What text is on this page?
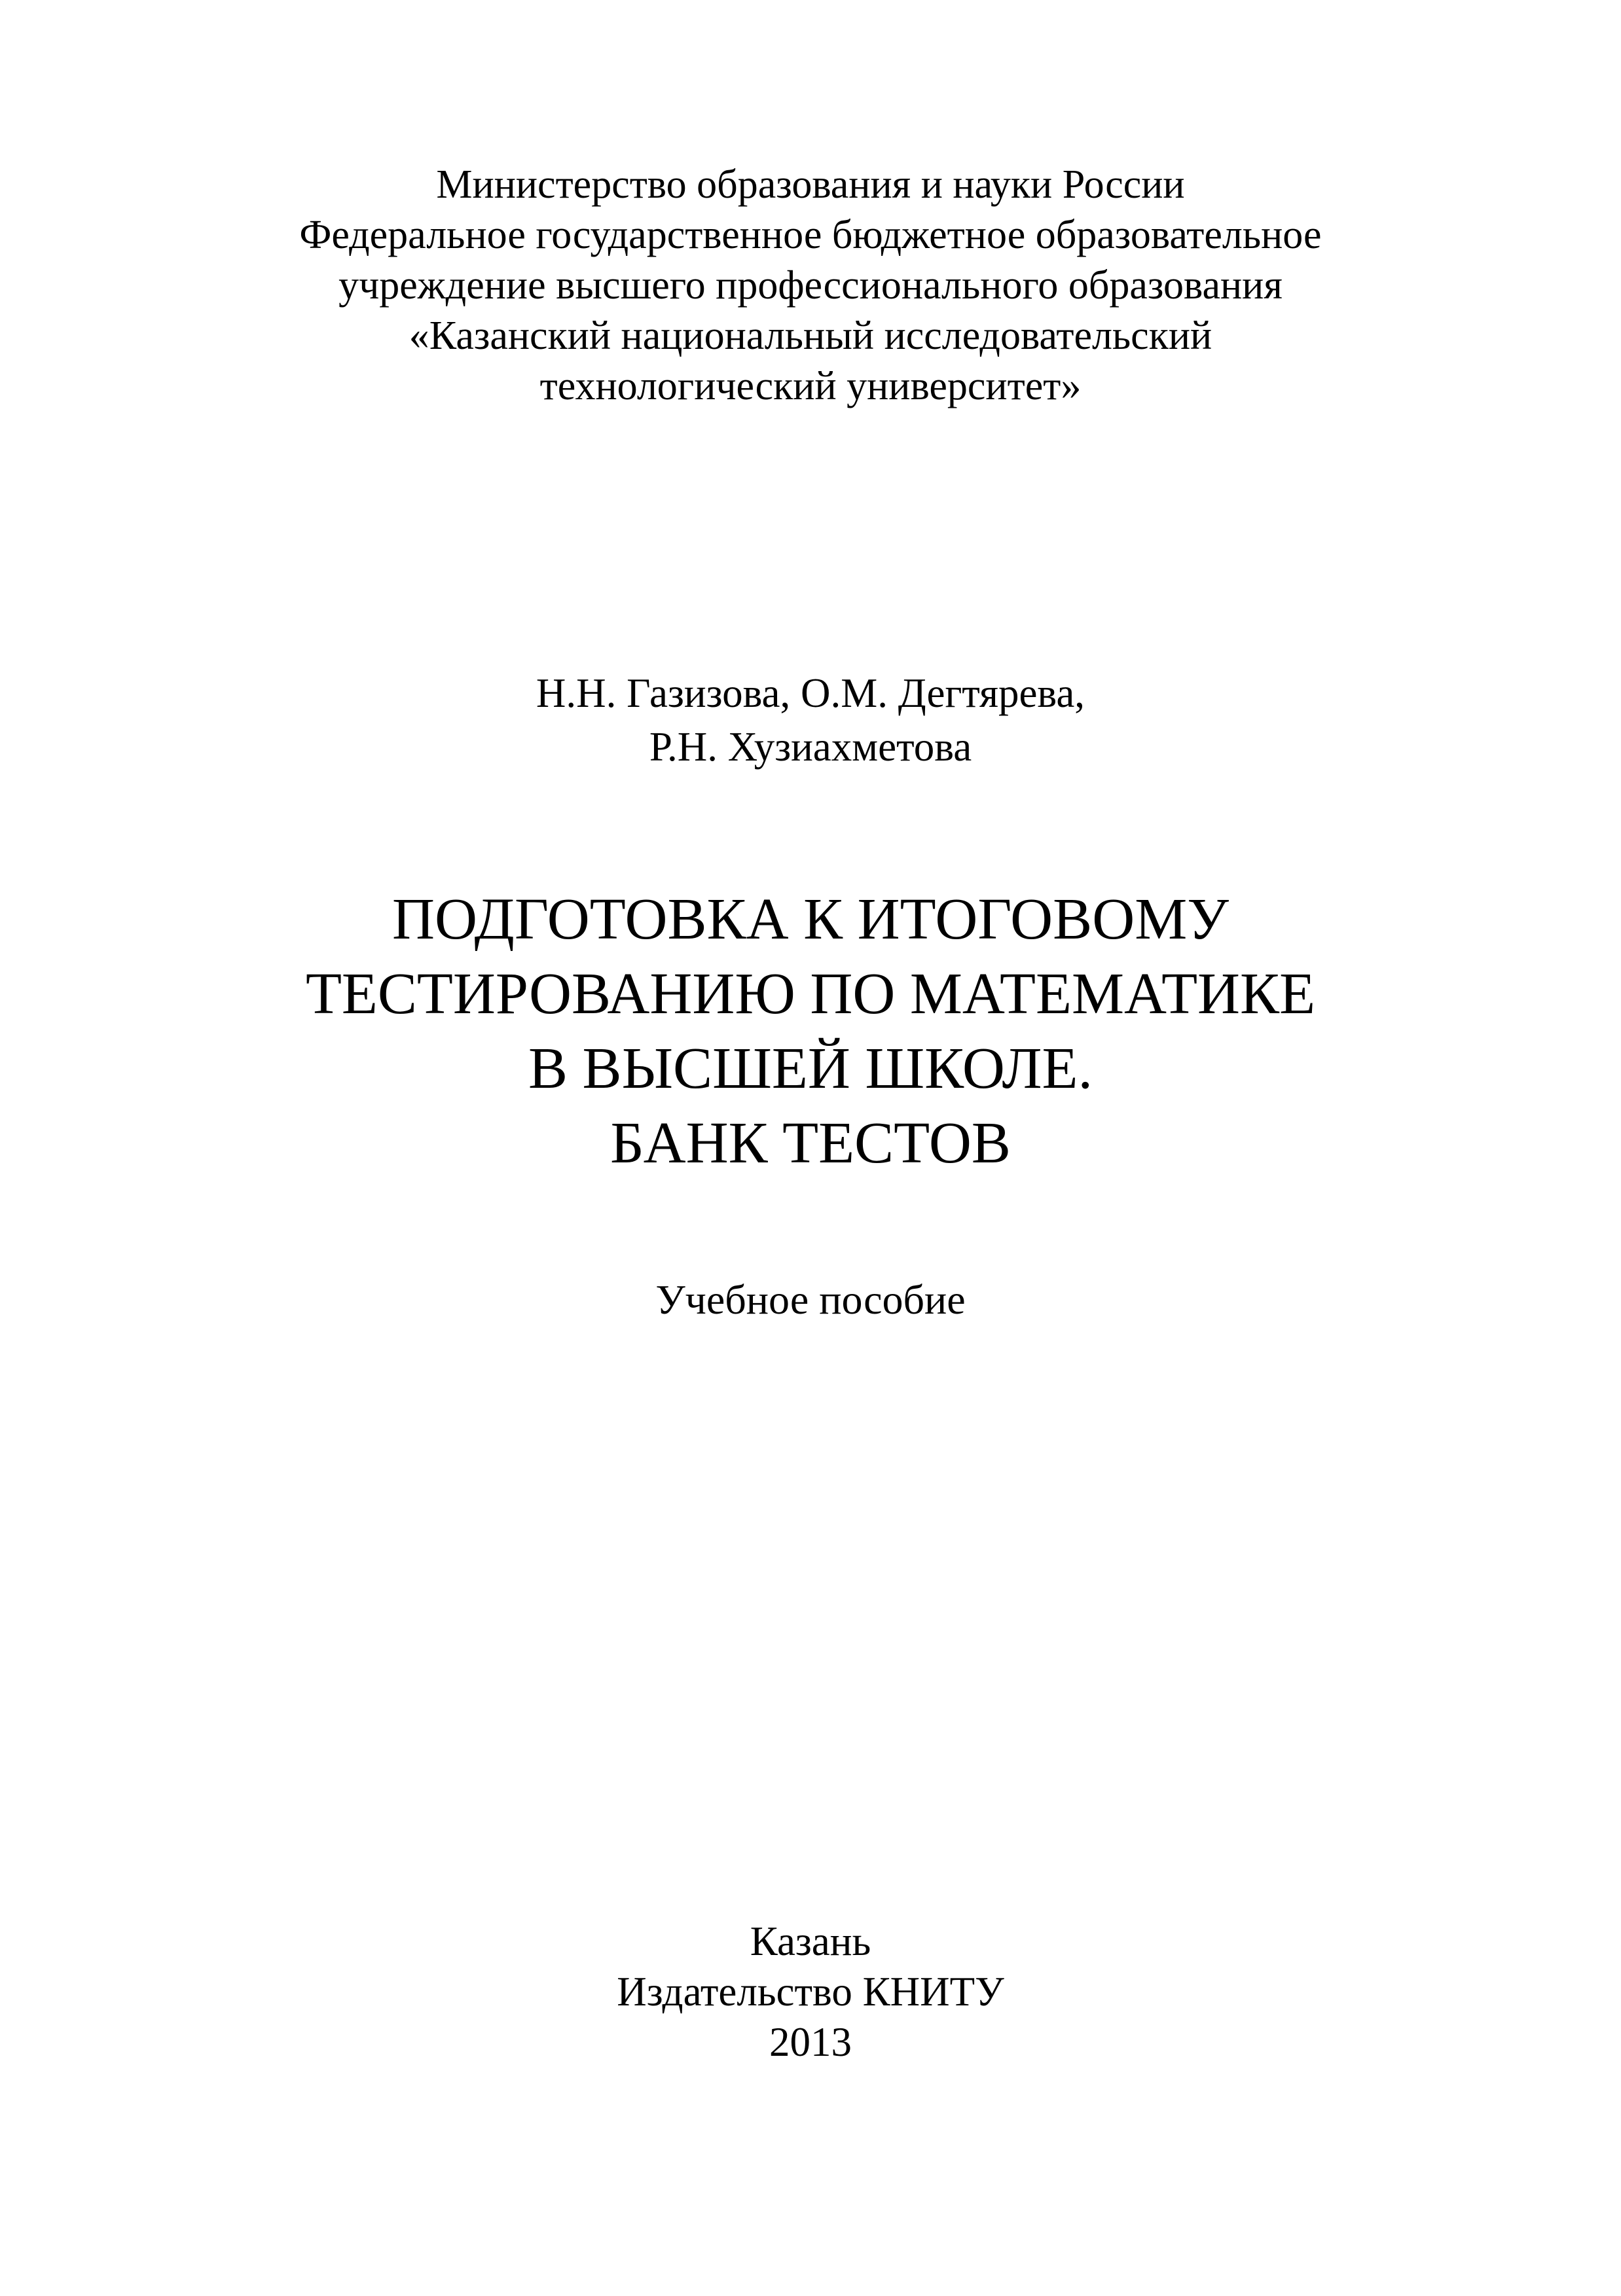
Министерство образования и науки России
Федеральное государственное бюджетное образовательное
учреждение высшего профессионального образования
«Казанский национальный исследовательский
технологический университет»
Н.Н. Газизова, О.М. Дегтярева,
Р.Н. Хузиахметова
ПОДГОТОВКА К ИТОГОВОМУ
ТЕСТИРОВАНИЮ ПО МАТЕМАТИКЕ
В ВЫСШЕЙ ШКОЛЕ.
БАНК ТЕСТОВ
Учебное пособие
Казань
Издательство КНИТУ
2013
